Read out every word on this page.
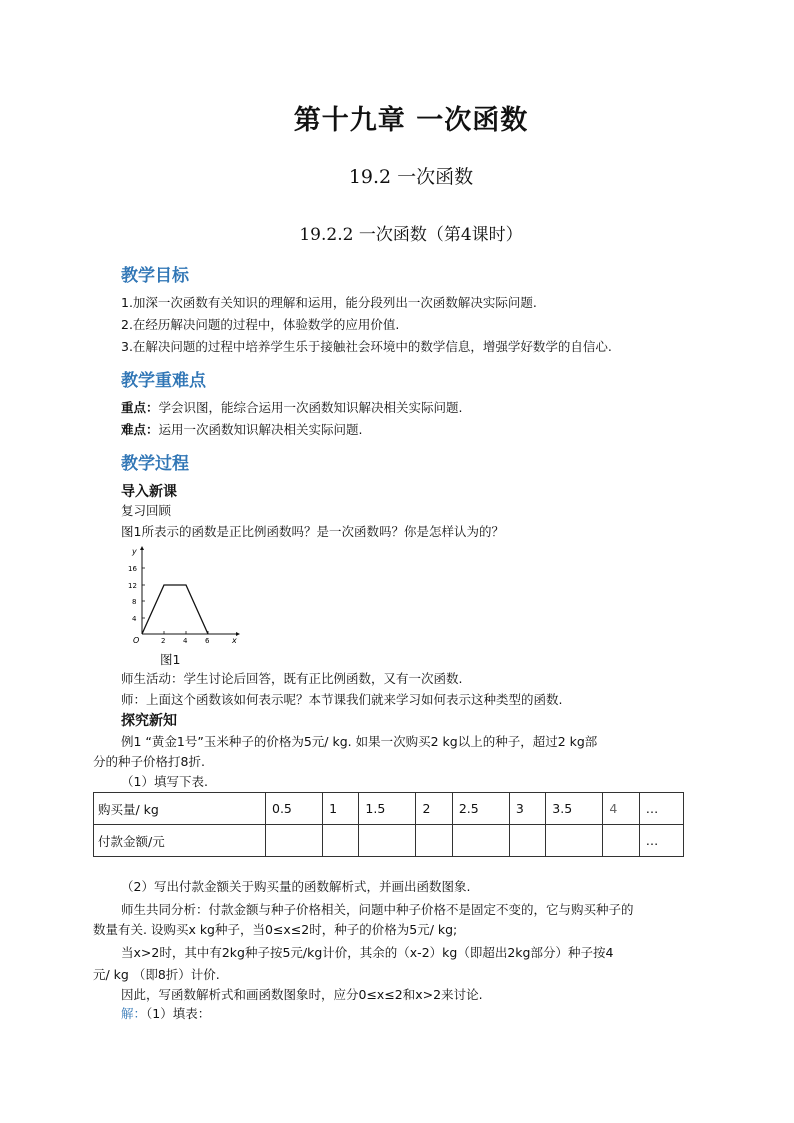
第十九章 一次函数
19.2 一次函数
19.2.2 一次函数（第4课时）
教学目标
1.加深一次函数有关知识的理解和运用，能分段列出一次函数解决实际问题.
2.在经历解决问题的过程中，体验数学的应用价值.
3.在解决问题的过程中培养学生乐于接触社会环境中的数学信息，增强学好数学的自信心.
教学重难点
重点：学会识图，能综合运用一次函数知识解决相关实际问题.
难点：运用一次函数知识解决相关实际问题.
教学过程
导入新课
复习回顾
图1所表示的函数是正比例函数吗？是一次函数吗？你是怎样认为的？
y
x
O
4
8
12
16
2	4	6
图1
师生活动：学生讨论后回答，既有正比例函数，又有一次函数.
师：上面这个函数该如何表示呢？本节课我们就来学习如何表示这种类型的函数.
探究新知
例1 “黄金1号”玉米种子的价格为5元/ kg. 如果一次购买2 kg以上的种子，超过2 kg部
分的种子价格打8折.
（1）填写下表.
购买量/ kg	0.5	1	1.5	2	2.5	3	3.5	4	…
付款金额/元									…
（2）写出付款金额关于购买量的函数解析式，并画出函数图象.
师生共同分析：付款金额与种子价格相关，问题中种子价格不是固定不变的，它与购买种子的
数量有关. 设购买x kg种子，当0≤x≤2时，种子的价格为5元/ kg;
当x>2时，其中有2kg种子按5元/kg计价，其余的（x-2）kg（即超出2kg部分）种子按4
元/ kg （即8折）计价.
因此，写函数解析式和画函数图象时，应分0≤x≤2和x>2来讨论.
解：（1）填表：
